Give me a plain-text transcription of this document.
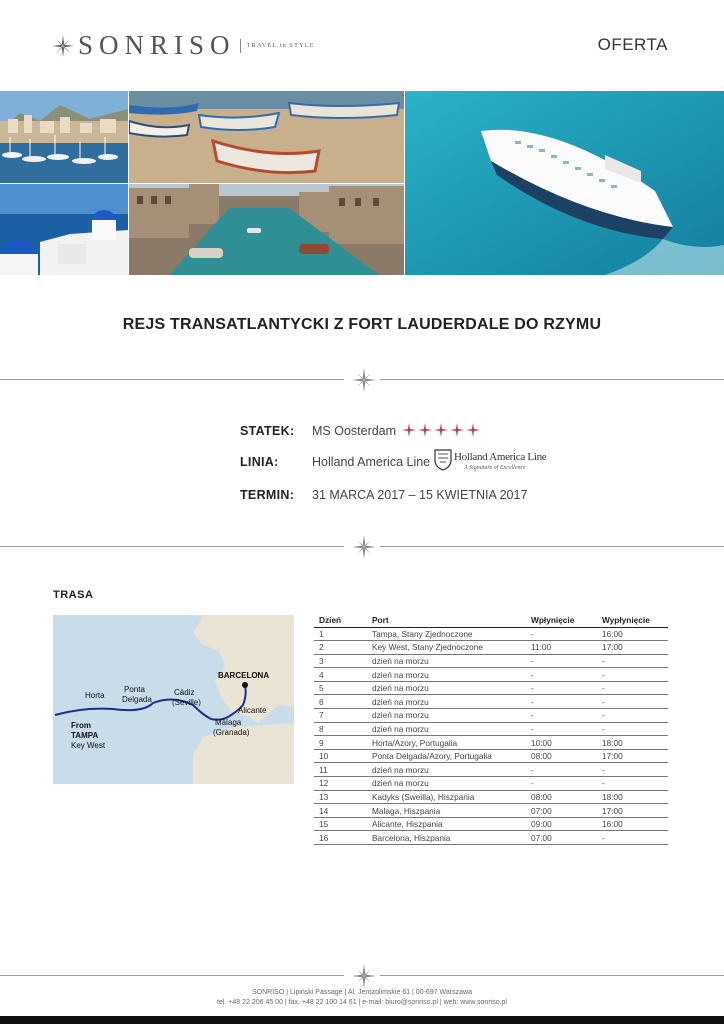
SONRISO TRAVEL in STYLE	OFERTA
REJS TRANSATLANTYCKI Z FORT LAUDERDALE DO RZYMU
STATEK: MS Oosterdam
LINIA:	Holland America Line Holland America Line
A Signature of Excellence
TERMIN: 31 MARCA 2017 – 15 KWIETNIA 2017
TRASA
BARCELONA
Horta
Ponta
Delgada
Cádiz
(Seville)
Alicante
Málaga
(Granada)
From
TAMPA
Key West
Dzień	Port	Wpłynięcie	Wypłynięcie
1	Tampa, Stany Zjednoczone	-	16:00
2	Key West, Stany Zjednoczone	11:00	17:00
3	dzień na morzu	-	-
4	dzień na morzu	-	-
5	dzień na morzu	-	-
6	dzień na morzu	-	-
7	dzień na morzu	-	-
8	dzień na morzu	-	-
9	Horta/Azory, Portugalia	10:00	18:00
10	Ponta Delgada/Azory, Portugalia	08:00	17:00
11	dzień na morzu	-	-
12	dzień na morzu	-	-
13	Kadyks (Sweilla), Hiszpania	08:00	18:00
14	Malaga, Hiszpania	07:00	17:00
15	Alicante, Hiszpania	09:00	16:00
16	Barcelona, Hiszpania	07:00	-
SONRISO | Lipiński Passage | Al. Jerozolimskie 61 | 00-697 Warszawa
tel. +48 22 206 45 00 | fax. +48 22 100 14 61 | e-mail: biuro@sonriso.pl | web: www.sonriso.pl
